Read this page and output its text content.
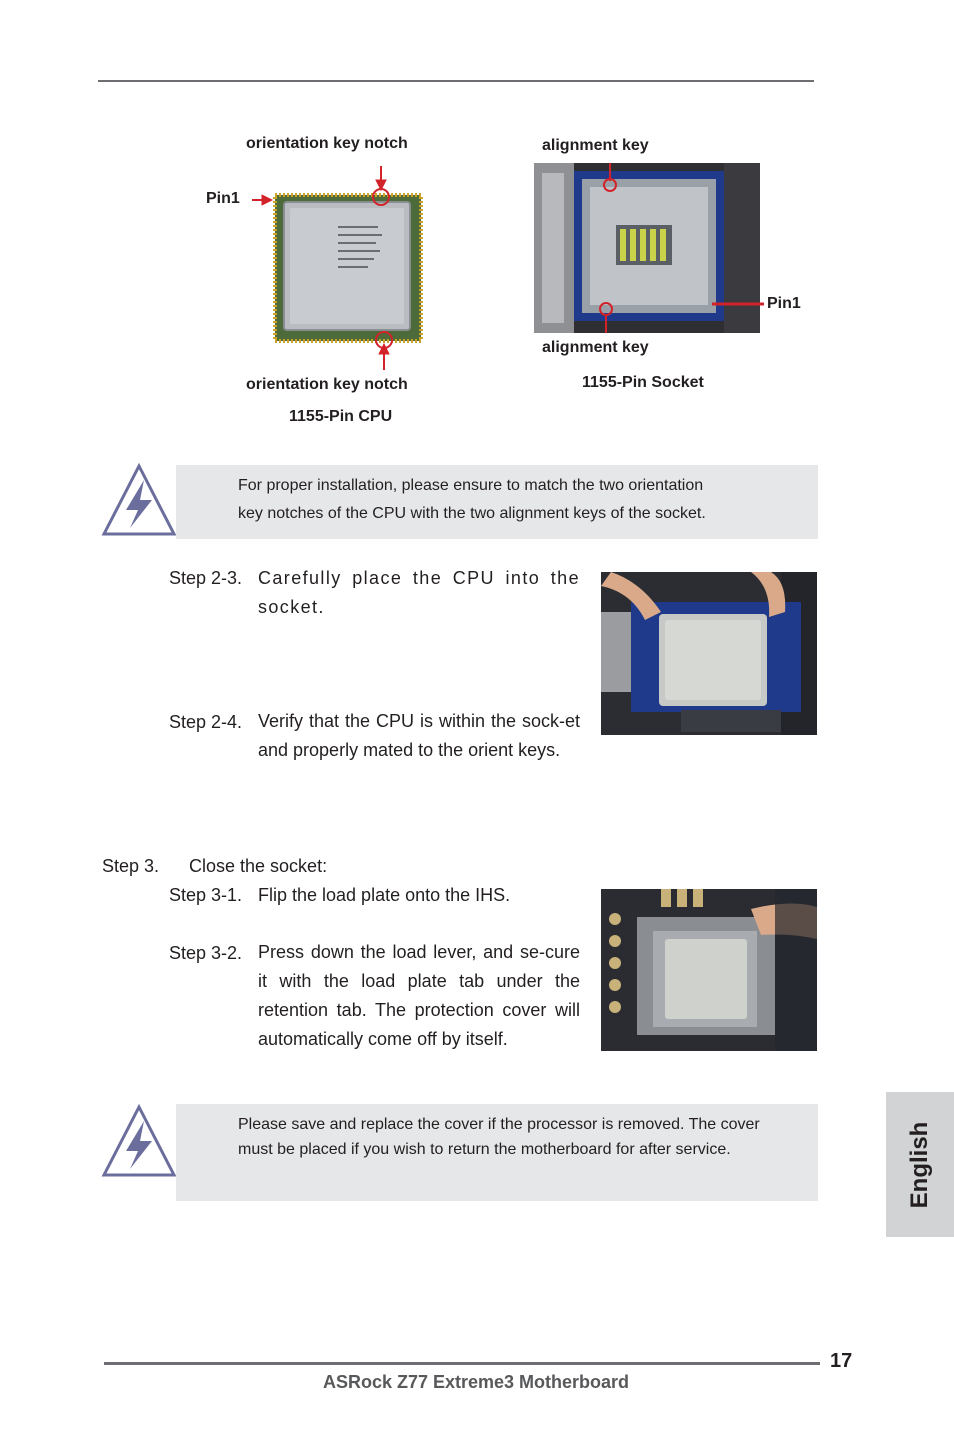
orientation key notch
Pin1
orientation key notch
1155-Pin CPU
alignment key
Pin1
alignment key
1155-Pin Socket
For proper installation, please ensure to match the two orientation
key notches of the CPU with the two alignment keys of the socket.
Step 2-3. Carefully place the CPU into the socket.
Step 2-4. Verify that the CPU is within the sock-et and properly mated to the orient keys.
Step 3. Close the socket:
Step 3-1. Flip the load plate onto the IHS.
Step 3-2. Press down the load lever, and se-cure it with the load plate tab under the retention tab. The protection cover will automatically come off by itself.
Please save and replace the cover if the processor is removed. The cover must be placed if you wish to return the motherboard for after service.	English
17
ASRock Z77 Extreme3 Motherboard
